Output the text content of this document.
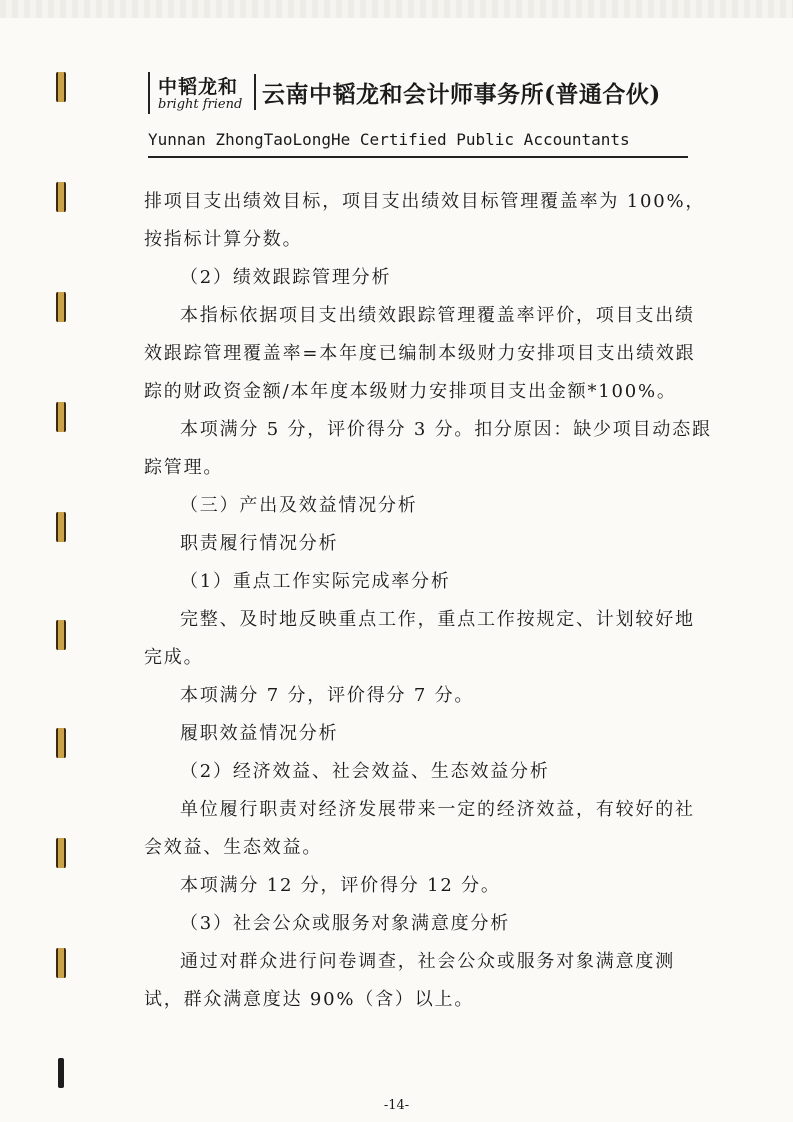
中韬龙和
bright friend 云南中韬龙和会计师事务所(普通合伙)
Yunnan ZhongTaoLongHe Certified Public Accountants
排项目支出绩效目标，项目支出绩效目标管理覆盖率为 100%，
按指标计算分数。
（2）绩效跟踪管理分析
本指标依据项目支出绩效跟踪管理覆盖率评价，项目支出绩
效跟踪管理覆盖率=本年度已编制本级财力安排项目支出绩效跟
踪的财政资金额/本年度本级财力安排项目支出金额*100%。
本项满分 5 分，评价得分 3 分。扣分原因：缺少项目动态跟
踪管理。
（三）产出及效益情况分析
职责履行情况分析
（1）重点工作实际完成率分析
完整、及时地反映重点工作，重点工作按规定、计划较好地
完成。
本项满分 7 分，评价得分 7 分。
履职效益情况分析
（2）经济效益、社会效益、生态效益分析
单位履行职责对经济发展带来一定的经济效益，有较好的社
会效益、生态效益。
本项满分 12 分，评价得分 12 分。
（3）社会公众或服务对象满意度分析
通过对群众进行问卷调查，社会公众或服务对象满意度测
试，群众满意度达 90%（含）以上。
-14-
